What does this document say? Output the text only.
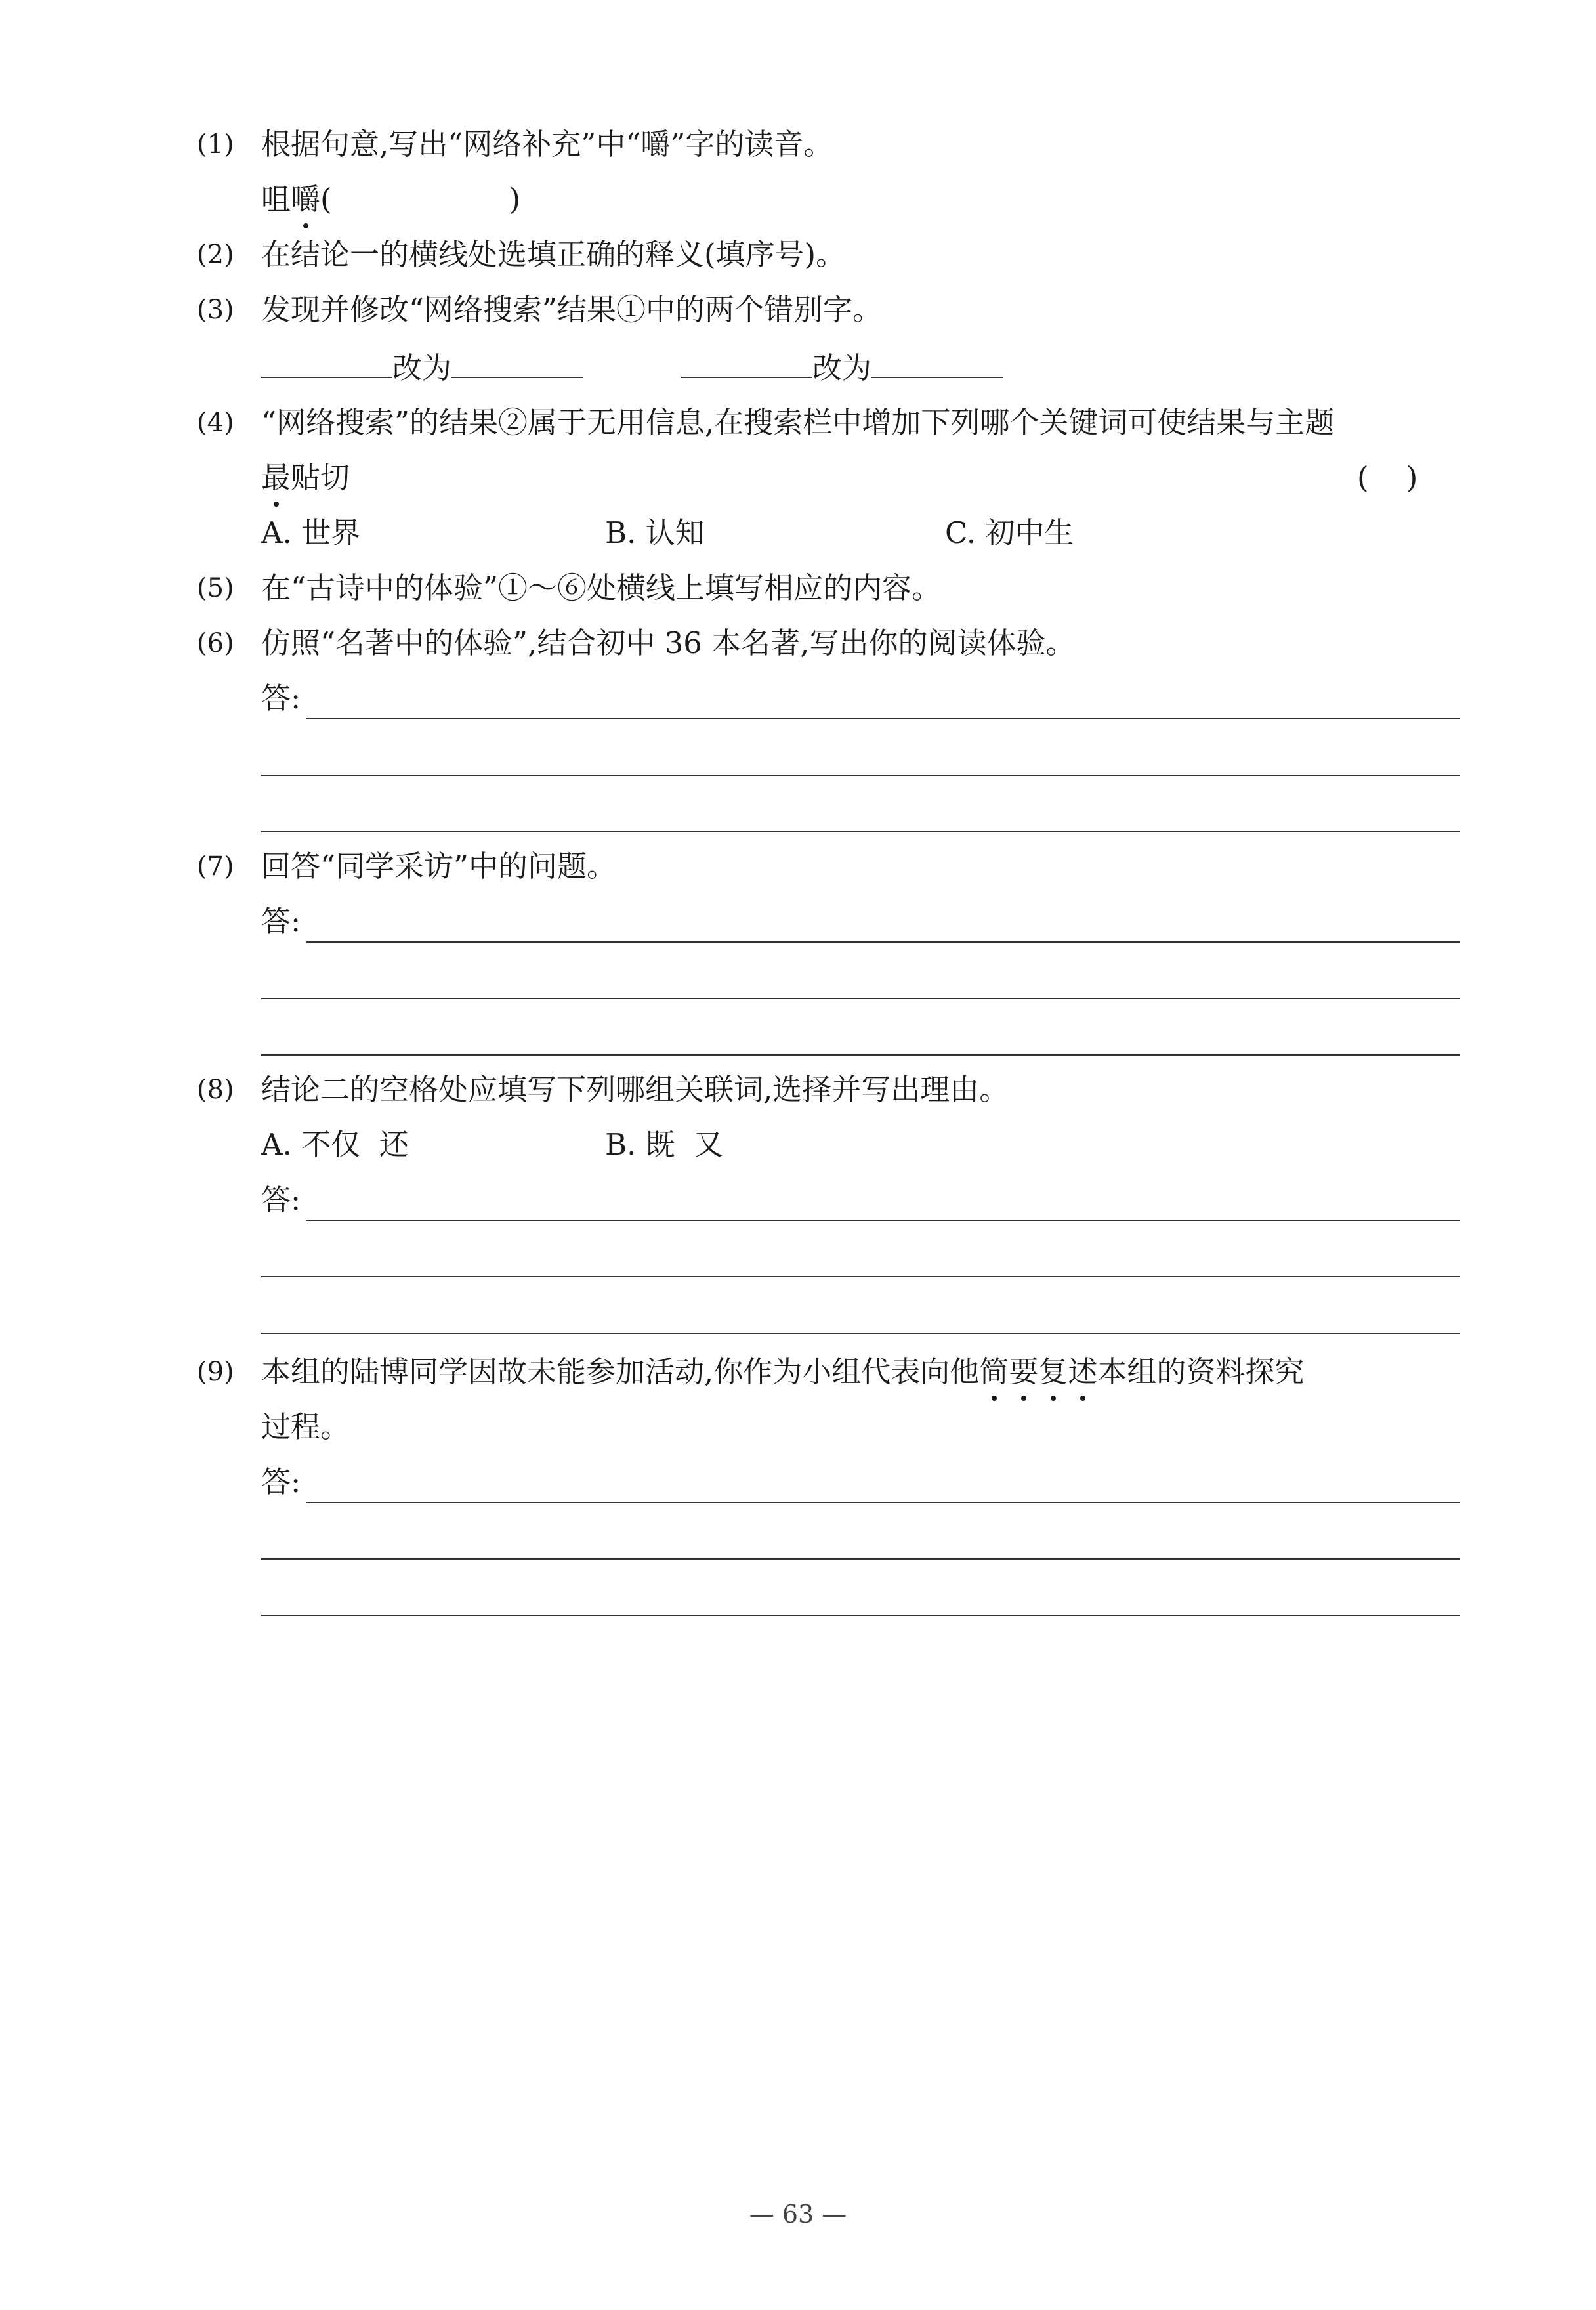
(1) 根据句意,写出“网络补充”中“嚼”字的读音。
咀嚼(	)
(2) 在结论一的横线处选填正确的释义(填序号)。
(3) 发现并修改“网络搜索”结果①中的两个错别字。
改为	改为
(4) “网络搜索”的结果②属于无用信息,在搜索栏中增加下列哪个关键词可使结果与主题
最贴切	(    )
A. 世界	B. 认知	C. 初中生
(5) 在“古诗中的体验”①～⑥处横线上填写相应的内容。
(6) 仿照“名著中的体验”,结合初中 36 本名著,写出你的阅读体验。
答:
(7) 回答“同学采访”中的问题。
答:
(8) 结论二的空格处应填写下列哪组关联词,选择并写出理由。
A. 不仅  还	B. 既  又
答:
(9) 本组的陆博同学因故未能参加活动,你作为小组代表向他简要复述本组的资料探究
过程。
答:
— 63 —
